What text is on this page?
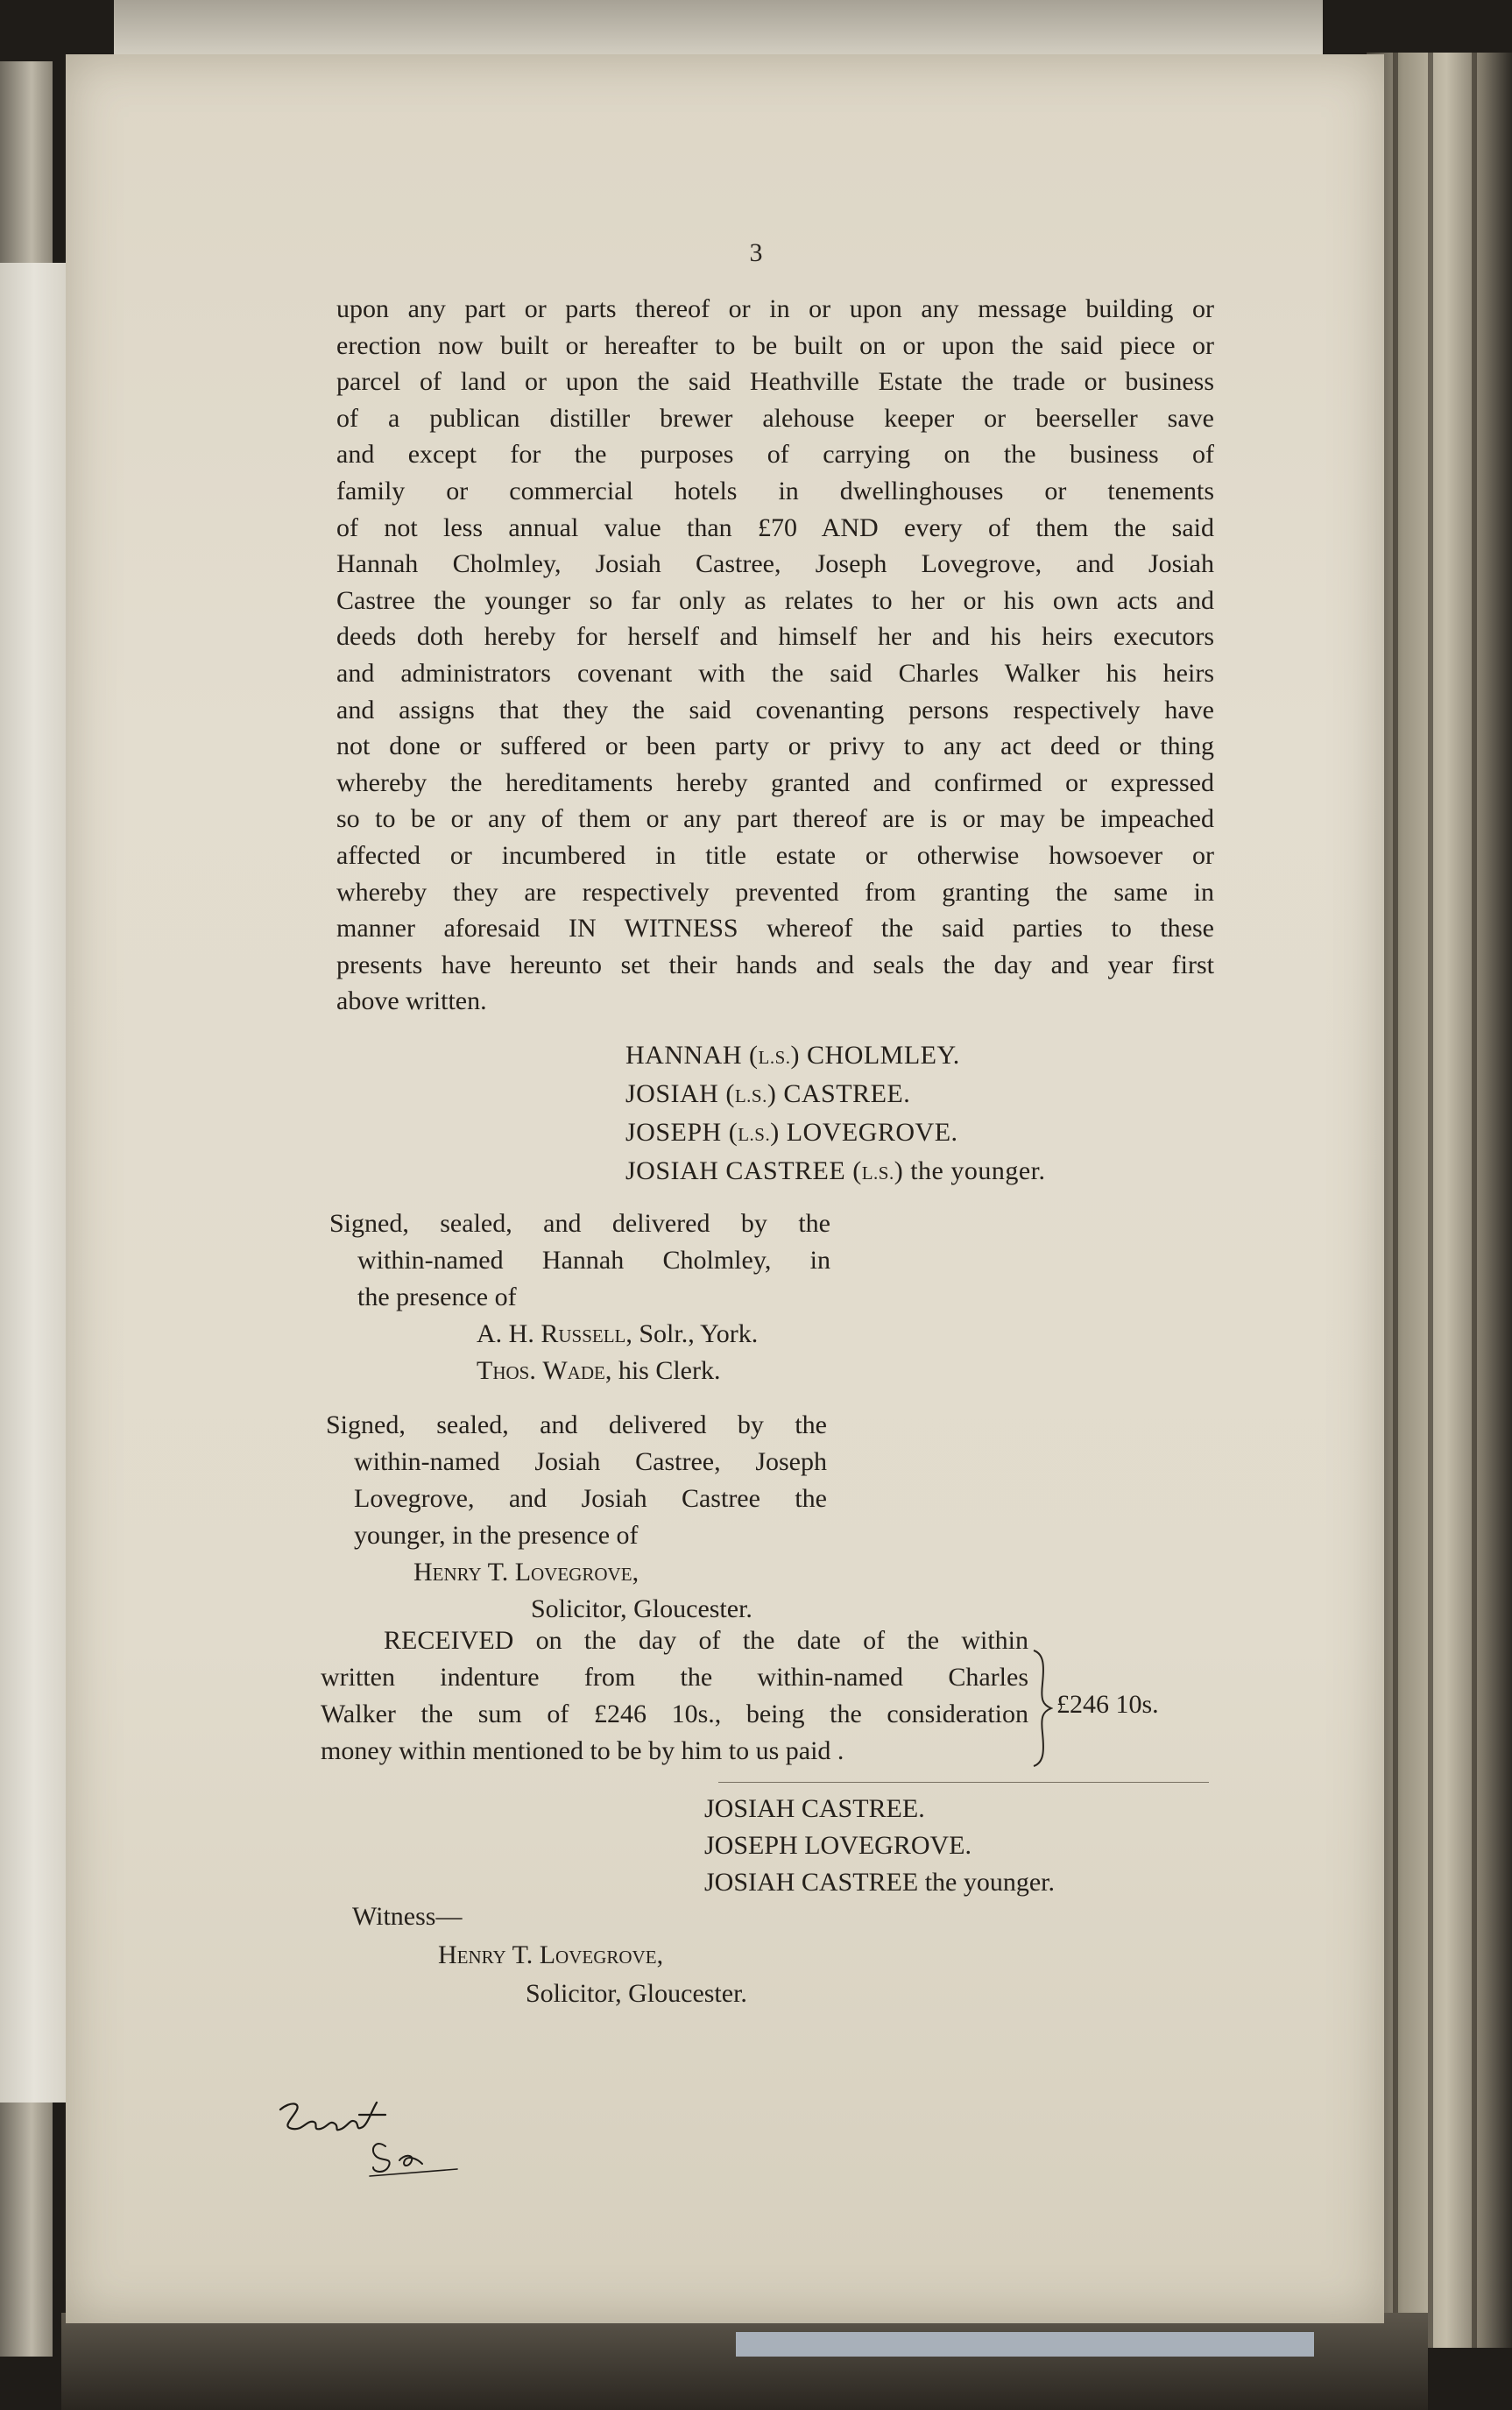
3
upon any part or parts thereof or in or upon any message building or
erection now built or hereafter to be built on or upon the said piece or
parcel of land or upon the said Heathville Estate the trade or business
of a publican distiller brewer alehouse keeper or beerseller save
and except for the purposes of carrying on the business of
family or commercial hotels in dwellinghouses or tenements
of not less annual value than £70 AND every of them the said
Hannah Cholmley, Josiah Castree, Joseph Lovegrove, and Josiah
Castree the younger so far only as relates to her or his own acts and
deeds doth hereby for herself and himself her and his heirs executors
and administrators covenant with the said Charles Walker his heirs
and assigns that they the said covenanting persons respectively have
not done or suffered or been party or privy to any act deed or thing
whereby the hereditaments hereby granted and confirmed or expressed
so to be or any of them or any part thereof are is or may be impeached
affected or incumbered in title estate or otherwise howsoever or
whereby they are respectively prevented from granting the same in
manner aforesaid IN WITNESS whereof the said parties to these
presents have hereunto set their hands and seals the day and year first
above written.
HANNAH (L.S.) CHOLMLEY.
JOSIAH (L.S.) CASTREE.
JOSEPH (L.S.) LOVEGROVE.
JOSIAH CASTREE (L.S.) the younger.
Signed, sealed, and delivered by the
within-named Hannah Cholmley, in
the presence of
A. H. Russell, Solr., York.
Thos. Wade, his Clerk.
Signed, sealed, and delivered by the
within-named Josiah Castree, Joseph
Lovegrove, and Josiah Castree the
younger, in the presence of
Henry T. Lovegrove,
Solicitor, Gloucester.
RECEIVED on the day of the date of the within
written indenture from the within-named Charles
Walker the sum of £246 10s., being the consideration
money within mentioned to be by him to us paid .
£246 10s.
JOSIAH CASTREE.
JOSEPH LOVEGROVE.
JOSIAH CASTREE the younger.
Witness—
Henry T. Lovegrove,
Solicitor, Gloucester.
